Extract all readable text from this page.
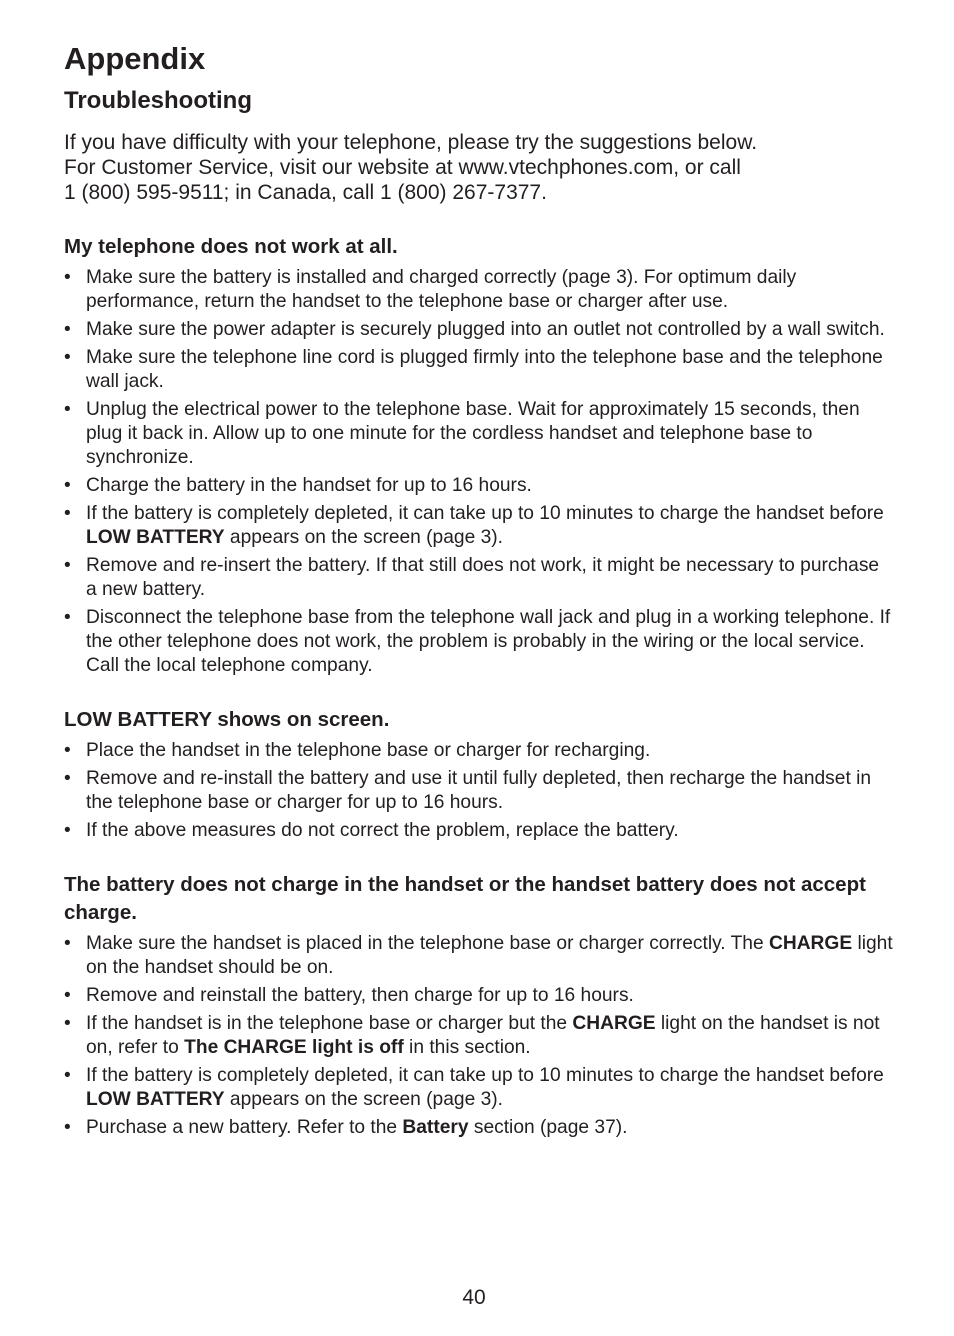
Appendix
Troubleshooting

If you have difficulty with your telephone, please try the suggestions below.
For Customer Service, visit our website at www.vtechphones.com, or call
1 (800) 595-9511; in Canada, call 1 (800) 267-7377.

My telephone does not work at all.
• Make sure the battery is installed and charged correctly (page 3). For optimum daily performance, return the handset to the telephone base or charger after use.
• Make sure the power adapter is securely plugged into an outlet not controlled by a wall switch.
• Make sure the telephone line cord is plugged firmly into the telephone base and the telephone wall jack.
• Unplug the electrical power to the telephone base. Wait for approximately 15 seconds, then plug it back in. Allow up to one minute for the cordless handset and telephone base to synchronize.
• Charge the battery in the handset for up to 16 hours.
• If the battery is completely depleted, it can take up to 10 minutes to charge the handset before LOW BATTERY appears on the screen (page 3).
• Remove and re-insert the battery. If that still does not work, it might be necessary to purchase a new battery.
• Disconnect the telephone base from the telephone wall jack and plug in a working telephone. If the other telephone does not work, the problem is probably in the wiring or the local service. Call the local telephone company.
LOW BATTERY shows on screen.
• Place the handset in the telephone base or charger for recharging.
• Remove and re-install the battery and use it until fully depleted, then recharge the handset in the telephone base or charger for up to 16 hours.
• If the above measures do not correct the problem, replace the battery.
The battery does not charge in the handset or the handset battery does not accept charge.
• Make sure the handset is placed in the telephone base or charger correctly. The CHARGE light on the handset should be on.
• Remove and reinstall the battery, then charge for up to 16 hours.
• If the handset is in the telephone base or charger but the CHARGE light on the handset is not on, refer to The CHARGE light is off in this section.
• If the battery is completely depleted, it can take up to 10 minutes to charge the handset before LOW BATTERY appears on the screen (page 3).
• Purchase a new battery. Refer to the Battery section (page 37).
40
